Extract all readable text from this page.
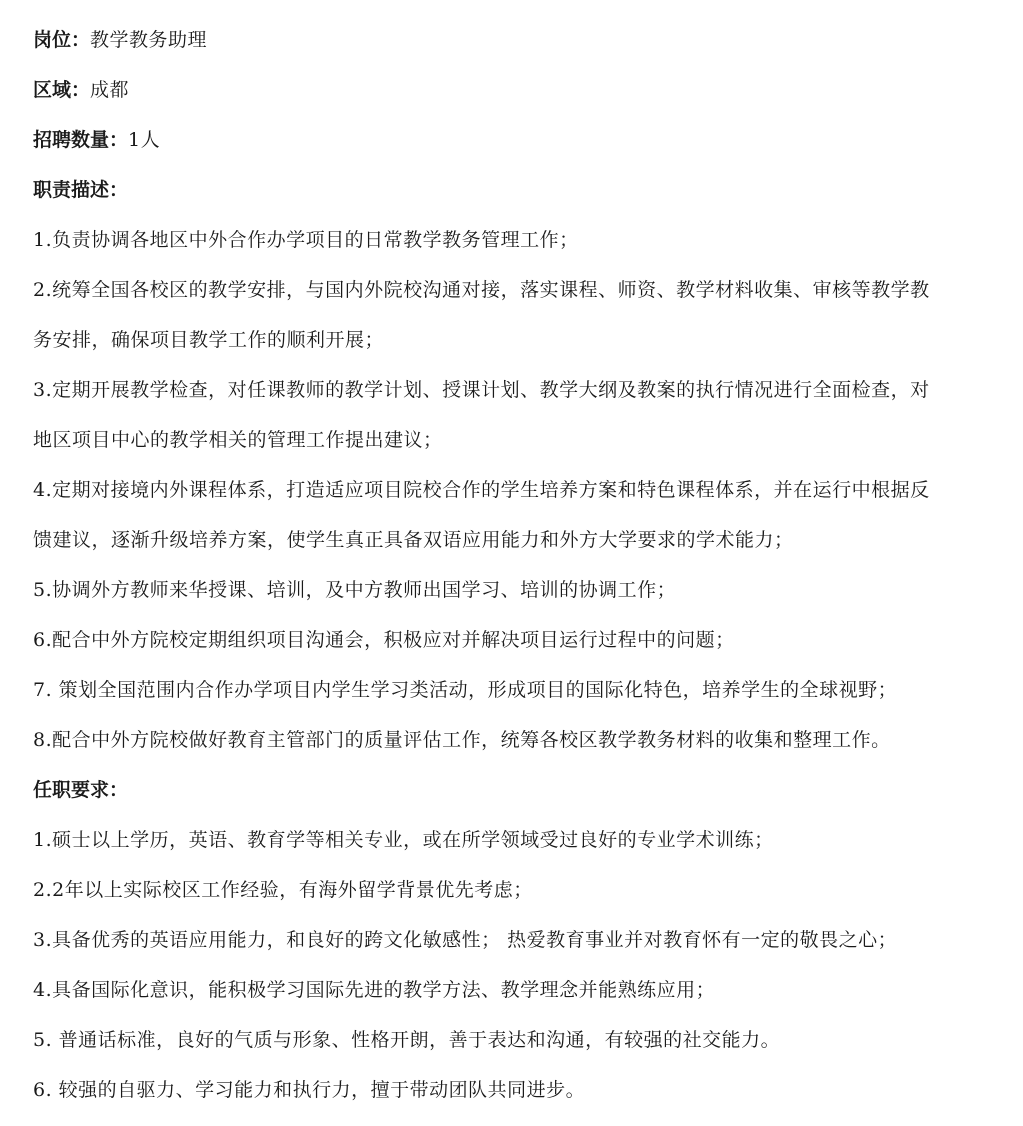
岗位：教学教务助理
区域：成都
招聘数量：1人
职责描述：
1.负责协调各地区中外合作办学项目的日常教学教务管理工作；
2.统筹全国各校区的教学安排，与国内外院校沟通对接，落实课程、师资、教学材料收集、审核等教学教
务安排，确保项目教学工作的顺利开展；
3.定期开展教学检查，对任课教师的教学计划、授课计划、教学大纲及教案的执行情况进行全面检查，对
地区项目中心的教学相关的管理工作提出建议；
4.定期对接境内外课程体系，打造适应项目院校合作的学生培养方案和特色课程体系，并在运行中根据反
馈建议，逐渐升级培养方案，使学生真正具备双语应用能力和外方大学要求的学术能力；
5.协调外方教师来华授课、培训，及中方教师出国学习、培训的协调工作；
6.配合中外方院校定期组织项目沟通会，积极应对并解决项目运行过程中的问题；
7. 策划全国范围内合作办学项目内学生学习类活动，形成项目的国际化特色，培养学生的全球视野；
8.配合中外方院校做好教育主管部门的质量评估工作，统筹各校区教学教务材料的收集和整理工作。
任职要求：
1.硕士以上学历，英语、教育学等相关专业，或在所学领域受过良好的专业学术训练；
2.2年以上实际校区工作经验，有海外留学背景优先考虑；
3.具备优秀的英语应用能力，和良好的跨文化敏感性； 热爱教育事业并对教育怀有一定的敬畏之心；
4.具备国际化意识，能积极学习国际先进的教学方法、教学理念并能熟练应用；
5. 普通话标准，良好的气质与形象、性格开朗，善于表达和沟通，有较强的社交能力。
6. 较强的自驱力、学习能力和执行力，擅于带动团队共同进步。
